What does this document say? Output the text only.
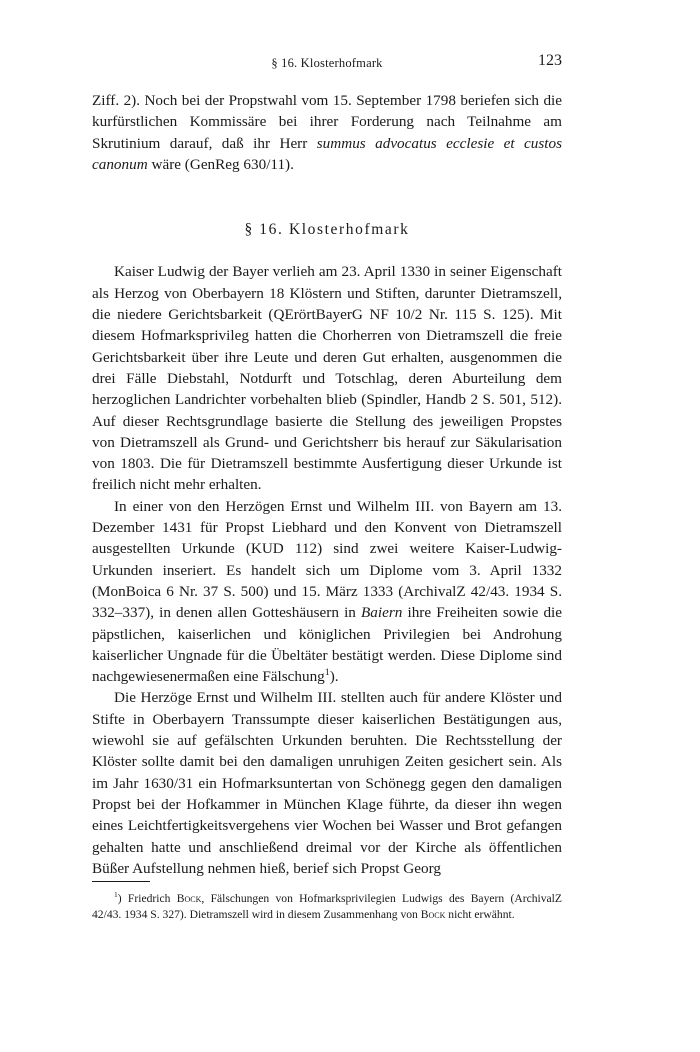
§ 16. Klosterhofmark	123

Ziff. 2). Noch bei der Propstwahl vom 15. September 1798 beriefen sich die kurfürstlichen Kommissäre bei ihrer Forderung nach Teilnahme am Skrutinium darauf, daß ihr Herr summus advocatus ecclesie et custos canonum wäre (GenReg 630/11).

§ 16. Klosterhofmark

Kaiser Ludwig der Bayer verlieh am 23. April 1330 in seiner Eigenschaft als Herzog von Oberbayern 18 Klöstern und Stiften, darunter Dietramszell, die niedere Gerichtsbarkeit (QErörtBayerG NF 10/2 Nr. 115 S. 125). Mit diesem Hofmarksprivileg hatten die Chorherren von Dietramszell die freie Gerichtsbarkeit über ihre Leute und deren Gut erhalten, ausgenommen die drei Fälle Diebstahl, Notdurft und Totschlag, deren Aburteilung dem herzoglichen Landrichter vorbehalten blieb (Spindler, Handb 2 S. 501, 512). Auf dieser Rechtsgrundlage basierte die Stellung des jeweiligen Propstes von Dietramszell als Grund- und Gerichtsherr bis herauf zur Säkularisation von 1803. Die für Dietramszell bestimmte Ausfertigung dieser Urkunde ist freilich nicht mehr erhalten.

In einer von den Herzögen Ernst und Wilhelm III. von Bayern am 13. Dezember 1431 für Propst Liebhard und den Konvent von Dietramszell ausgestellten Urkunde (KUD 112) sind zwei weitere Kaiser-Ludwig-Urkunden inseriert. Es handelt sich um Diplome vom 3. April 1332 (MonBoica 6 Nr. 37 S. 500) und 15. März 1333 (ArchivalZ 42/43. 1934 S. 332–337), in denen allen Gotteshäusern in Baiern ihre Freiheiten sowie die päpstlichen, kaiserlichen und königlichen Privilegien bei Androhung kaiserlicher Ungnade für die Übeltäter bestätigt werden. Diese Diplome sind nachgewiesenermaßen eine Fälschung$^1$).

Die Herzöge Ernst und Wilhelm III. stellten auch für andere Klöster und Stifte in Oberbayern Transsumpte dieser kaiserlichen Bestätigungen aus, wiewohl sie auf gefälschten Urkunden beruhten. Die Rechtsstellung der Klöster sollte damit bei den damaligen unruhigen Zeiten gesichert sein. Als im Jahr 1630/31 ein Hofmarksuntertan von Schönegg gegen den damaligen Propst bei der Hofkammer in München Klage führte, da dieser ihn wegen eines Leichtfertigkeitsvergehens vier Wochen bei Wasser und Brot gefangen gehalten hatte und anschließend dreimal vor der Kirche als öffentlichen Büßer Aufstellung nehmen hieß, berief sich Propst Georg

$^1$) Friedrich Bock, Fälschungen von Hofmarksprivilegien Ludwigs des Bayern (ArchivalZ 42/43. 1934 S. 327). Dietramszell wird in diesem Zusammenhang von Bock nicht erwähnt.
